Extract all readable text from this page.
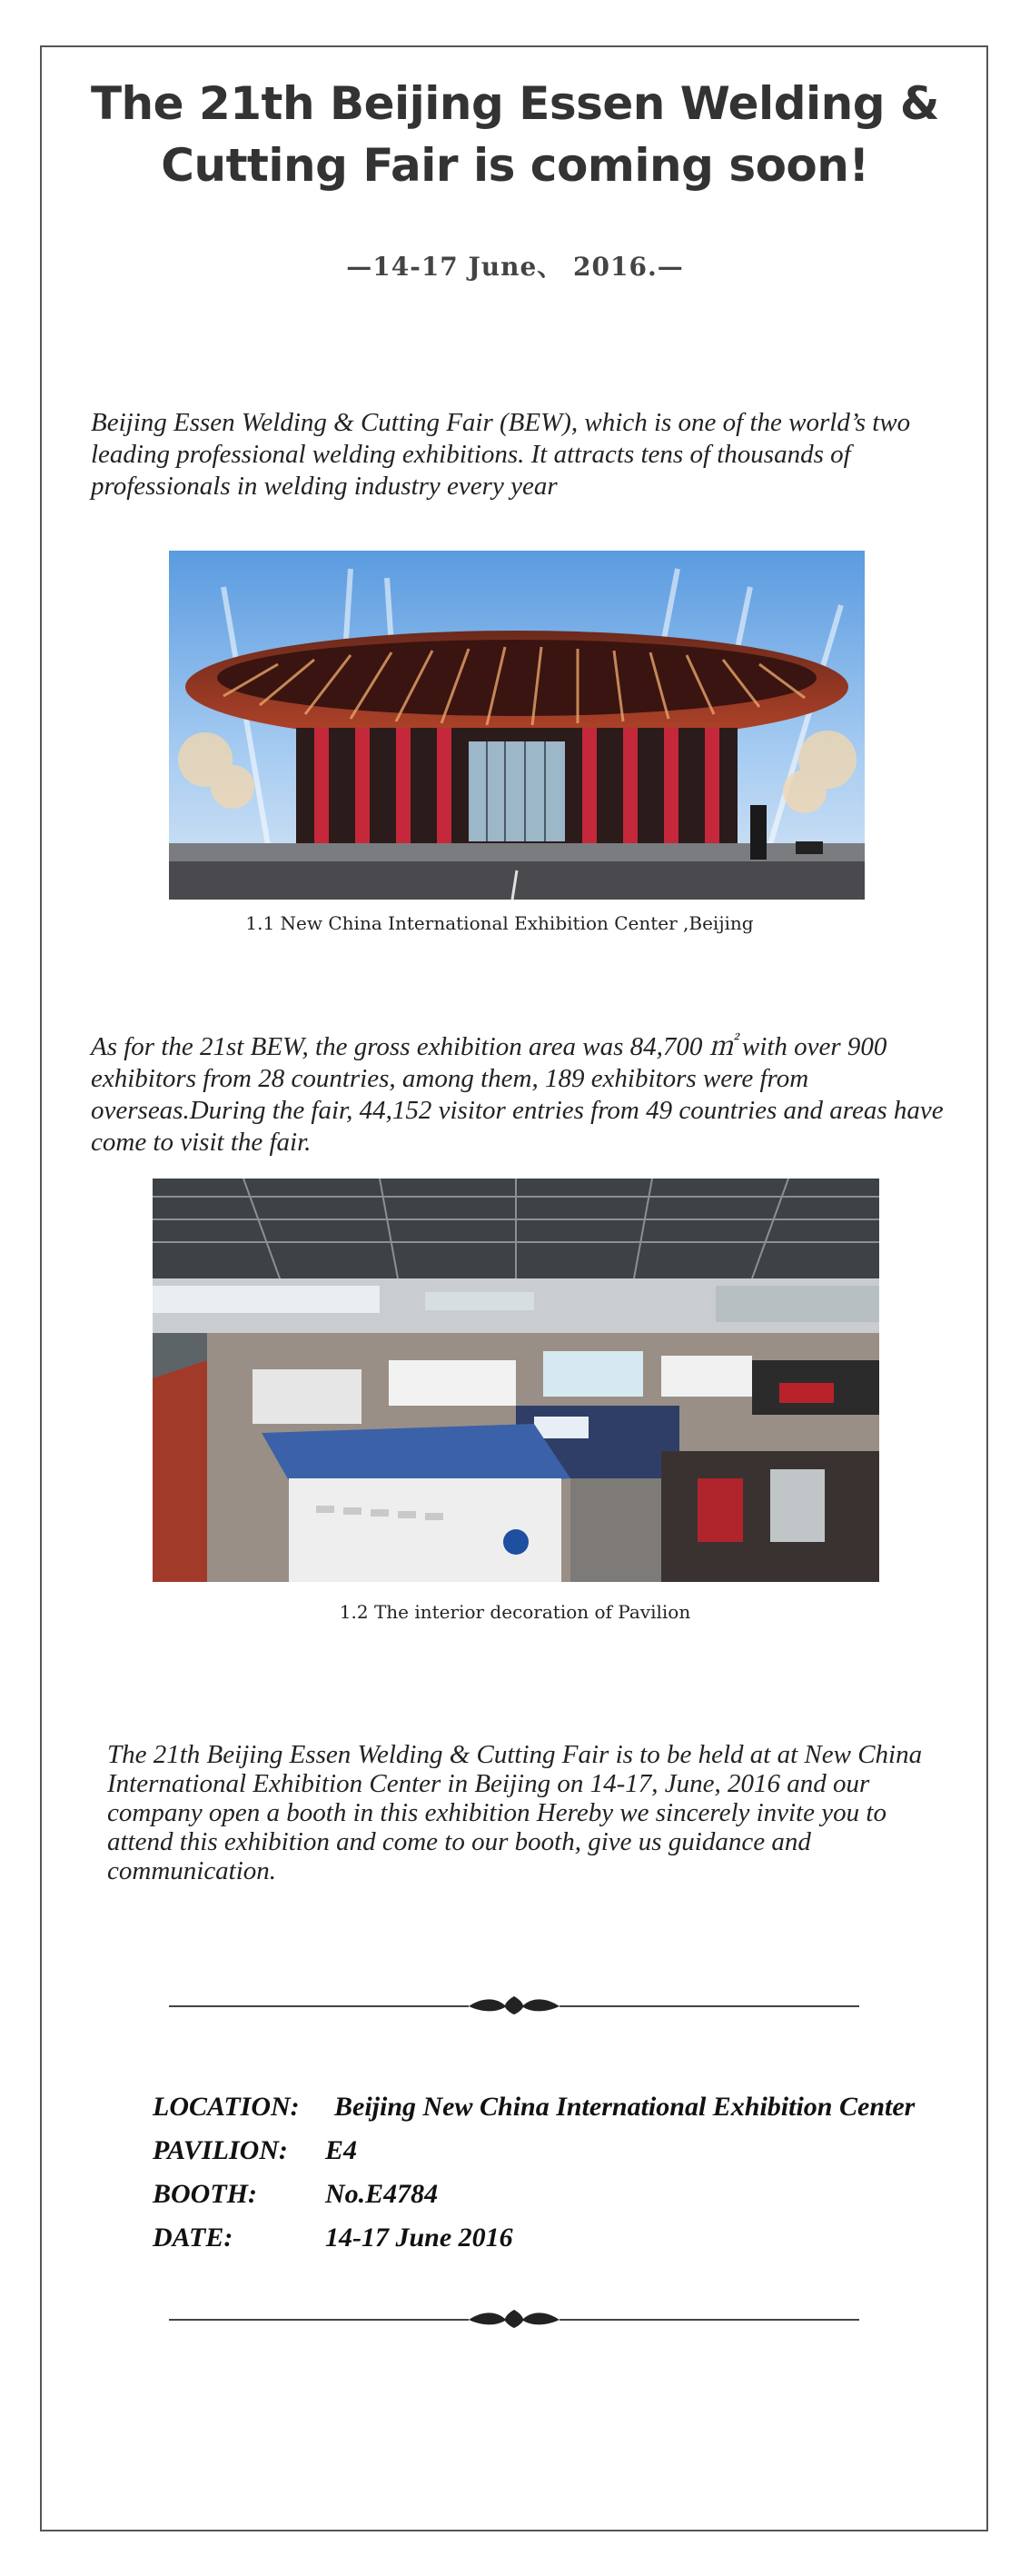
The 21th Beijing Essen Welding &
Cutting Fair is coming soon!
—14-17 June、 2016.—

Beijing Essen Welding & Cutting Fair (BEW), which is one of the world’s two leading professional welding exhibitions. It attracts tens of thousands of professionals in welding industry every year

1.1 New China International Exhibition Center ,Beijing

As for the 21st BEW, the gross exhibition area was 84,700 ㎡ with over 900 exhibitors from 28 countries, among them, 189 exhibitors were from overseas.During the fair, 44,152 visitor entries from 49 countries and areas have come to visit the fair.

1.2 The interior decoration of Pavilion

The 21th Beijing Essen Welding & Cutting Fair is to be held at at New China International Exhibition Center in Beijing on 14-17, June, 2016 and our company open a booth in this exhibition Hereby we sincerely invite you to attend this exhibition and come to our booth, give us guidance and communication.

LOCATION:	Beijing New China International Exhibition Center
PAVILION:	E4
BOOTH:	No.E4784
DATE:	14-17 June 2016
